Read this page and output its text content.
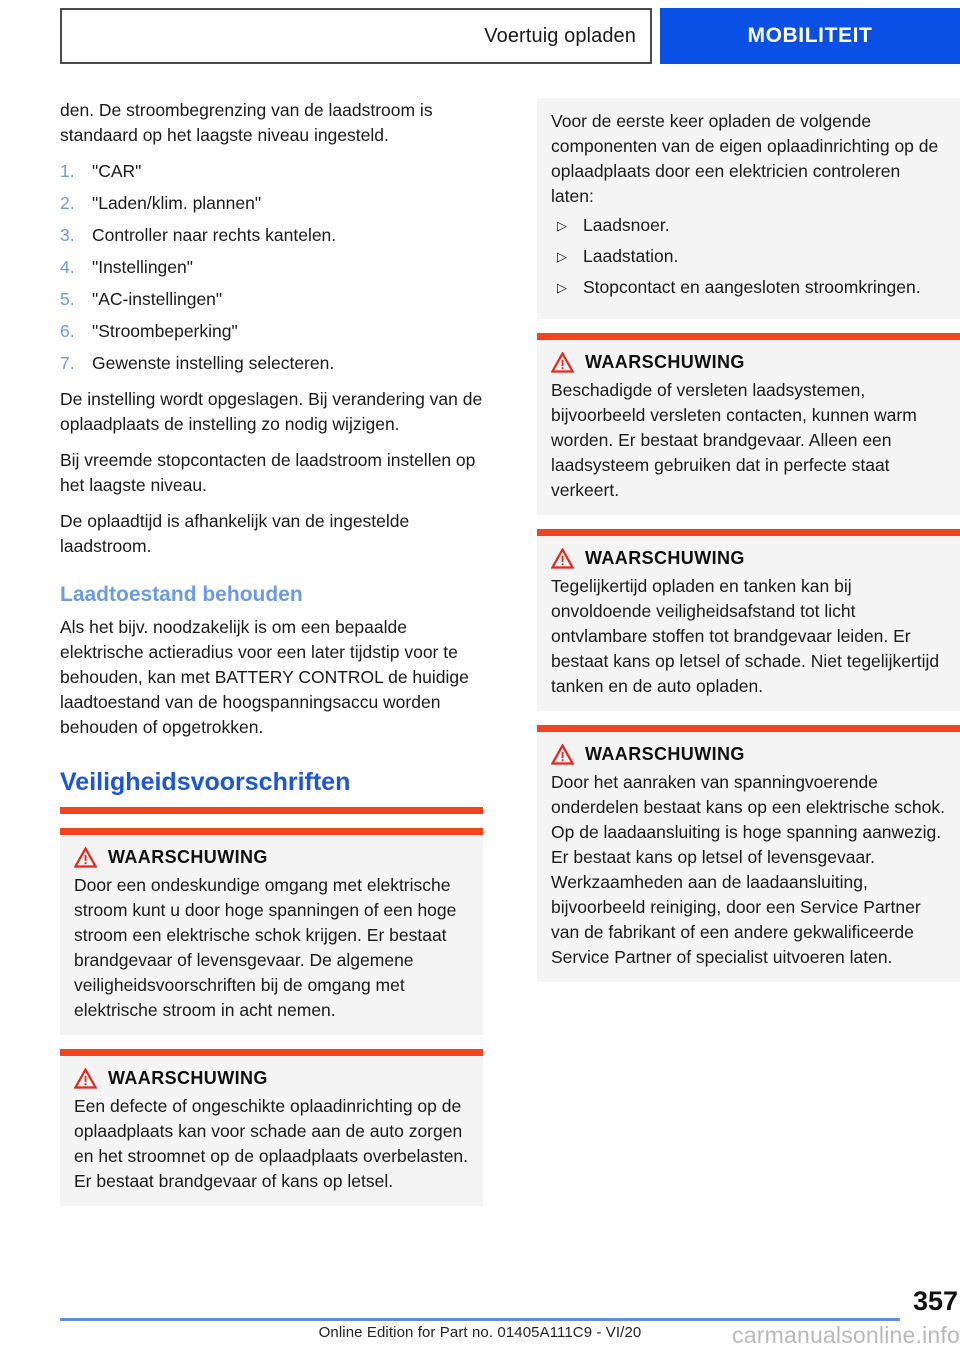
Voertuig opladen	MOBILITEIT

den. De stroombegrenzing van de laadstroom is standaard op het laagste niveau ingesteld.

"CAR"
"Laden/klim. plannen"
Controller naar rechts kantelen.
"Instellingen"
"AC-instellingen"
"Stroombeperking"
Gewenste instelling selecteren.

De instelling wordt opgeslagen. Bij verandering van de oplaadplaats de instelling zo nodig wijzigen.

Bij vreemde stopcontacten de laadstroom instellen op het laagste niveau.

De oplaadtijd is afhankelijk van de ingestelde laadstroom.

Laadtoestand behouden

Als het bijv. noodzakelijk is om een bepaalde elektrische actieradius voor een later tijdstip voor te behouden, kan met BATTERY CONTROL de huidige laadtoestand van de hoogspanningsaccu worden behouden of opgetrokken.

Veiligheidsvoorschriften
WAARSCHUWING

Door een ondeskundige omgang met elektrische stroom kunt u door hoge spanningen of een hoge stroom een elektrische schok krijgen. Er bestaat brandgevaar of levensgevaar. De algemene veiligheidsvoorschriften bij de omgang met elektrische stroom in acht nemen.

WAARSCHUWING

Een defecte of ongeschikte oplaadinrichting op de oplaadplaats kan voor schade aan de auto zorgen en het stroomnet op de oplaadplaats overbelasten. Er bestaat brandgevaar of kans op letsel.

Voor de eerste keer opladen de volgende componenten van de eigen oplaadinrichting op de oplaadplaats door een elektricien controleren laten:

▷ Laadsnoer.
▷ Laadstation.
▷ Stopcontact en aangesloten stroomkringen.
WAARSCHUWING

Beschadigde of versleten laadsystemen, bijvoorbeeld versleten contacten, kunnen warm worden. Er bestaat brandgevaar. Alleen een laadsysteem gebruiken dat in perfecte staat verkeert.

WAARSCHUWING

Tegelijkertijd opladen en tanken kan bij onvoldoende veiligheidsafstand tot licht ontvlambare stoffen tot brandgevaar leiden. Er bestaat kans op letsel of schade. Niet tegelijkertijd tanken en de auto opladen.

WAARSCHUWING

Door het aanraken van spanningvoerende onderdelen bestaat kans op een elektrische schok. Op de laadaansluiting is hoge spanning aanwezig. Er bestaat kans op letsel of levensgevaar. Werkzaamheden aan de laadaansluiting, bijvoorbeeld reiniging, door een Service Partner van de fabrikant of een andere gekwalificeerde Service Partner of specialist uitvoeren laten.

357
Online Edition for Part no. 01405A111C9 - VI/20	carmanualsonline.info
